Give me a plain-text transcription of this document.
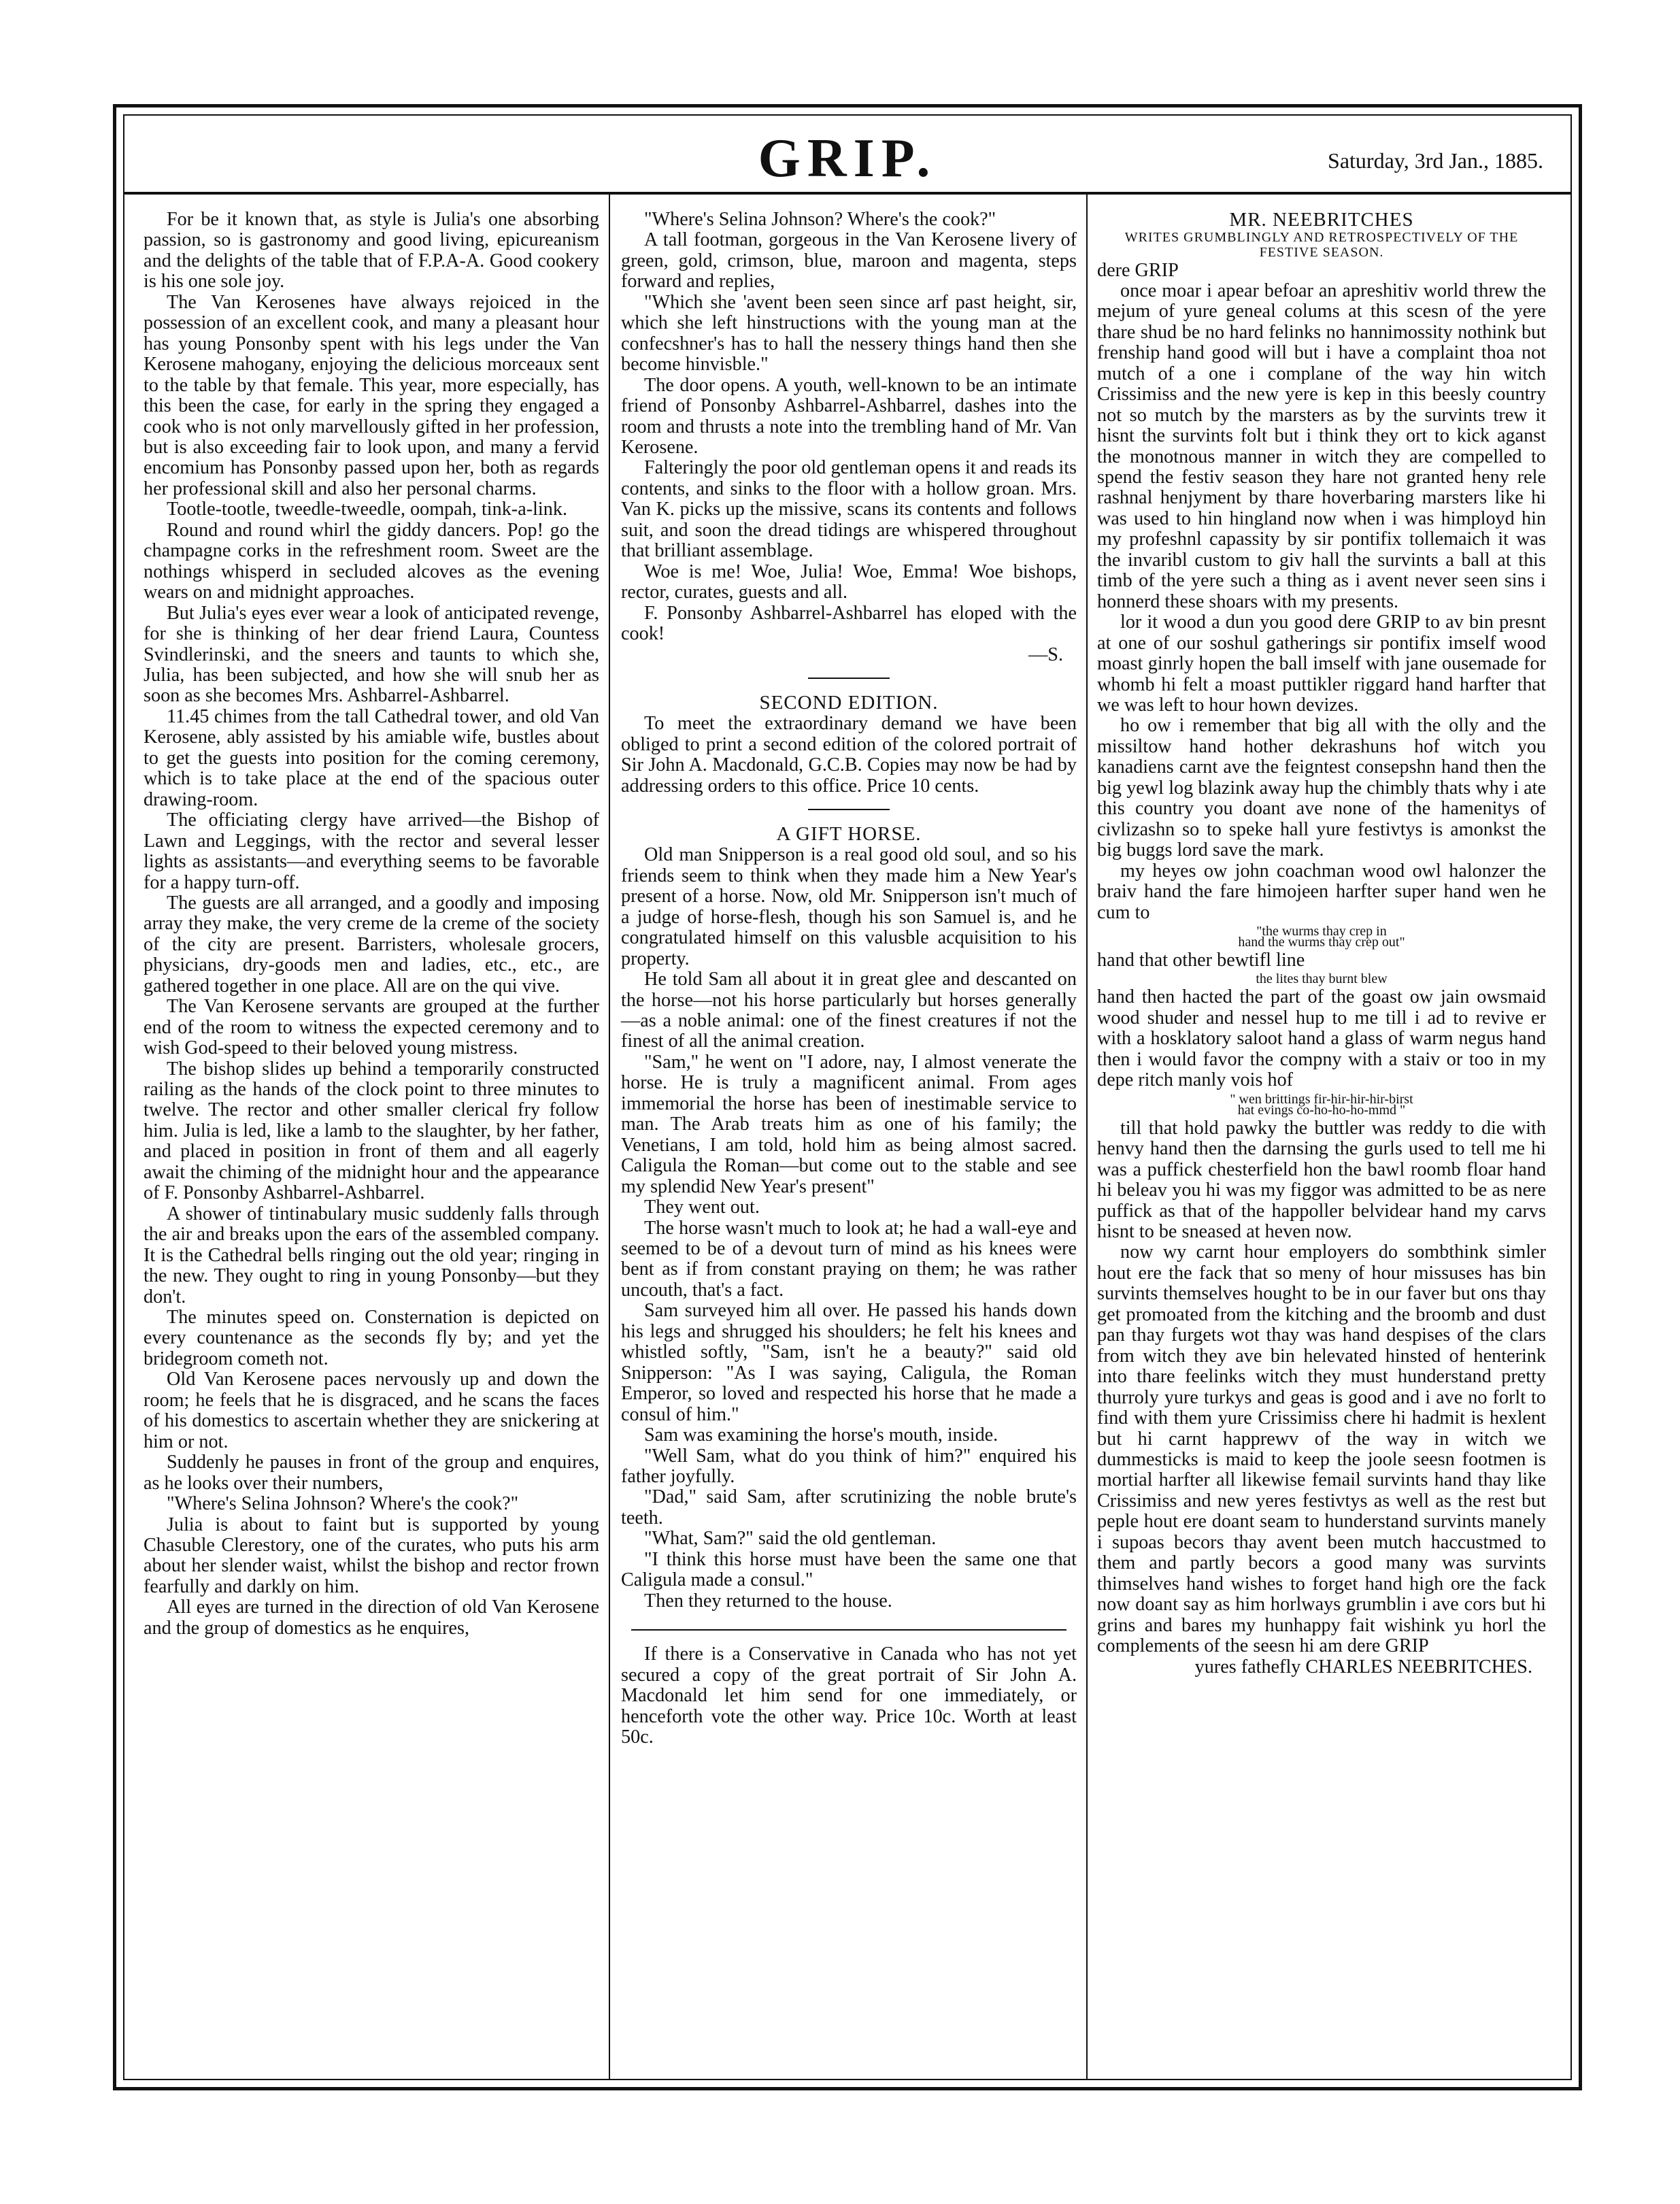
GRIP.	Saturday, 3rd Jan., 1885.

For be it known that, as style is Julia's one absorbing passion, so is gastronomy and good living, epicureanism and the delights of the table that of F.P.A-A. Good cookery is his one sole joy.

The Van Kerosenes have always rejoiced in the possession of an excellent cook, and many a pleasant hour has young Ponsonby spent with his legs under the Van Kerosene mahogany, enjoying the delicious morceaux sent to the table by that female. This year, more especially, has this been the case, for early in the spring they engaged a cook who is not only marvellously gifted in her profession, but is also exceeding fair to look upon, and many a fervid encomium has Ponsonby passed upon her, both as regards her professional skill and also her personal charms.

Tootle-tootle, tweedle-tweedle, oompah, tink-a-link.

Round and round whirl the giddy dancers. Pop! go the champagne corks in the refreshment room. Sweet are the nothings whisperd in secluded alcoves as the evening wears on and midnight approaches.

But Julia's eyes ever wear a look of anticipated revenge, for she is thinking of her dear friend Laura, Countess Svindlerinski, and the sneers and taunts to which she, Julia, has been subjected, and how she will snub her as soon as she becomes Mrs. Ashbarrel-Ashbarrel.

11.45 chimes from the tall Cathedral tower, and old Van Kerosene, ably assisted by his amiable wife, bustles about to get the guests into position for the coming ceremony, which is to take place at the end of the spacious outer drawing-room.

The officiating clergy have arrived—the Bishop of Lawn and Leggings, with the rector and several lesser lights as assistants—and everything seems to be favorable for a happy turn-off.

The guests are all arranged, and a goodly and imposing array they make, the very creme de la creme of the society of the city are present. Barristers, wholesale grocers, physicians, dry-goods men and ladies, etc., etc., are gathered together in one place. All are on the qui vive.

The Van Kerosene servants are grouped at the further end of the room to witness the expected ceremony and to wish God-speed to their beloved young mistress.

The bishop slides up behind a temporarily constructed railing as the hands of the clock point to three minutes to twelve. The rector and other smaller clerical fry follow him. Julia is led, like a lamb to the slaughter, by her father, and placed in position in front of them and all eagerly await the chiming of the midnight hour and the appearance of F. Ponsonby Ashbarrel-Ashbarrel.

A shower of tintinabulary music suddenly falls through the air and breaks upon the ears of the assembled company. It is the Cathedral bells ringing out the old year; ringing in the new. They ought to ring in young Ponsonby—but they don't.

The minutes speed on. Consternation is depicted on every countenance as the seconds fly by; and yet the bridegroom cometh not.

Old Van Kerosene paces nervously up and down the room; he feels that he is disgraced, and he scans the faces of his domestics to ascertain whether they are snickering at him or not.

Suddenly he pauses in front of the group and enquires, as he looks over their numbers,

"Where's Selina Johnson? Where's the cook?"

Julia is about to faint but is supported by young Chasuble Clerestory, one of the curates, who puts his arm about her slender waist, whilst the bishop and rector frown fearfully and darkly on him.

All eyes are turned in the direction of old Van Kerosene and the group of domestics as he enquires,

"Where's Selina Johnson? Where's the cook?"

A tall footman, gorgeous in the Van Kerosene livery of green, gold, crimson, blue, maroon and magenta, steps forward and replies,

"Which she 'avent been seen since arf past height, sir, which she left hinstructions with the young man at the confecshner's has to hall the nessery things hand then she become hinvisble."

The door opens. A youth, well-known to be an intimate friend of Ponsonby Ashbarrel-Ashbarrel, dashes into the room and thrusts a note into the trembling hand of Mr. Van Kerosene.

Falteringly the poor old gentleman opens it and reads its contents, and sinks to the floor with a hollow groan. Mrs. Van K. picks up the missive, scans its contents and follows suit, and soon the dread tidings are whispered throughout that brilliant assemblage.

Woe is me! Woe, Julia! Woe, Emma! Woe bishops, rector, curates, guests and all.

F. Ponsonby Ashbarrel-Ashbarrel has eloped with the cook!

—S.

SECOND EDITION.

To meet the extraordinary demand we have been obliged to print a second edition of the colored portrait of Sir John A. Macdonald, G.C.B. Copies may now be had by addressing orders to this office. Price 10 cents.

A GIFT HORSE.

Old man Snipperson is a real good old soul, and so his friends seem to think when they made him a New Year's present of a horse. Now, old Mr. Snipperson isn't much of a judge of horse-flesh, though his son Samuel is, and he congratulated himself on this valusble acquisition to his property.

He told Sam all about it in great glee and descanted on the horse—not his horse particularly but horses generally—as a noble animal: one of the finest creatures if not the finest of all the animal creation.

"Sam," he went on "I adore, nay, I almost venerate the horse. He is truly a magnificent animal. From ages immemorial the horse has been of inestimable service to man. The Arab treats him as one of his family; the Venetians, I am told, hold him as being almost sacred. Caligula the Roman—but come out to the stable and see my splendid New Year's present"

They went out.

The horse wasn't much to look at; he had a wall-eye and seemed to be of a devout turn of mind as his knees were bent as if from constant praying on them; he was rather uncouth, that's a fact.

Sam surveyed him all over. He passed his hands down his legs and shrugged his shoulders; he felt his knees and whistled softly, "Sam, isn't he a beauty?" said old Snipperson: "As I was saying, Caligula, the Roman Emperor, so loved and respected his horse that he made a consul of him."

Sam was examining the horse's mouth, inside.

"Well Sam, what do you think of him?" enquired his father joyfully.

"Dad," said Sam, after scrutinizing the noble brute's teeth.

"What, Sam?" said the old gentleman.

"I think this horse must have been the same one that Caligula made a consul."

Then they returned to the house.

If there is a Conservative in Canada who has not yet secured a copy of the great portrait of Sir John A. Macdonald let him send for one immediately, or henceforth vote the other way. Price 10c. Worth at least 50c.

MR. NEEBRITCHES

WRITES GRUMBLINGLY AND RETROSPECTIVELY OF THE FESTIVE SEASON.

dere GRIP

once moar i apear befoar an apreshitiv world threw the mejum of yure geneal colums at this scesn of the yere thare shud be no hard felinks no hannimossity nothink but frenship hand good will but i have a complaint thoa not mutch of a one i complane of the way hin witch Crissimiss and the new yere is kep in this beesly country not so mutch by the marsters as by the survints trew it hisnt the survints folt but i think they ort to kick aganst the monotnous manner in witch they are compelled to spend the festiv season they hare not granted heny rele rashnal henjyment by thare hoverbaring marsters like hi was used to hin hingland now when i was himployd hin my profeshnl capassity by sir pontifix tollemaich it was the invaribl custom to giv hall the survints a ball at this timb of the yere such a thing as i avent never seen sins i honnerd these shoars with my presents.

lor it wood a dun you good dere GRIP to av bin presnt at one of our soshul gatherings sir pontifix imself wood moast ginrly hopen the ball imself with jane ousemade for whomb hi felt a moast puttikler riggard hand harfter that we was left to hour hown devizes.

ho ow i remember that big all with the olly and the missiltow hand hother dekrashuns hof witch you kanadiens carnt ave the feigntest consepshn hand then the big yewl log blazink away hup the chimbly thats why i ate this country you doant ave none of the hamenitys of civlizashn so to speke hall yure festivtys is amonkst the big buggs lord save the mark.

my heyes ow john coachman wood owl halonzer the braiv hand the fare himojeen harfter super hand wen he cum to

"the wurms thay crep in

hand the wurms thay crep out"

hand that other bewtifl line

the lites thay burnt blew

hand then hacted the part of the goast ow jain owsmaid wood shuder and nessel hup to me till i ad to revive er with a hosklatory saloot hand a glass of warm negus hand then i would favor the compny with a staiv or too in my depe ritch manly vois hof

" wen brittings fir-hir-hir-hir-birst

hat evings co-ho-ho-ho-mmd "

till that hold pawky the buttler was reddy to die with henvy hand then the darnsing the gurls used to tell me hi was a puffick chesterfield hon the bawl roomb floar hand hi beleav you hi was my figgor was admitted to be as nere puffick as that of the happoller belvidear hand my carvs hisnt to be sneased at heven now.

now wy carnt hour employers do sombthink simler hout ere the fack that so meny of hour missuses has bin survints themselves hought to be in our faver but ons thay get promoated from the kitching and the broomb and dust pan thay furgets wot thay was hand despises of the clars from witch they ave bin helevated hinsted of henterink into thare feelinks witch they must hunderstand pretty thurroly yure turkys and geas is good and i ave no forlt to find with them yure Crissimiss chere hi hadmit is hexlent but hi carnt happrewv of the way in witch we dummesticks is maid to keep the joole seesn footmen is mortial harfter all likewise femail survints hand thay like Crissimiss and new yeres festivtys as well as the rest but peple hout ere doant seam to hunderstand survints manely i supoas becors thay avent been mutch haccustmed to them and partly becors a good many was survints thimselves hand wishes to forget hand high ore the fack now doant say as him horlways grumblin i ave cors but hi grins and bares my hunhappy fait wishink yu horl the complements of the seesn hi am dere GRIP

yures fathefly CHARLES NEEBRITCHES.
